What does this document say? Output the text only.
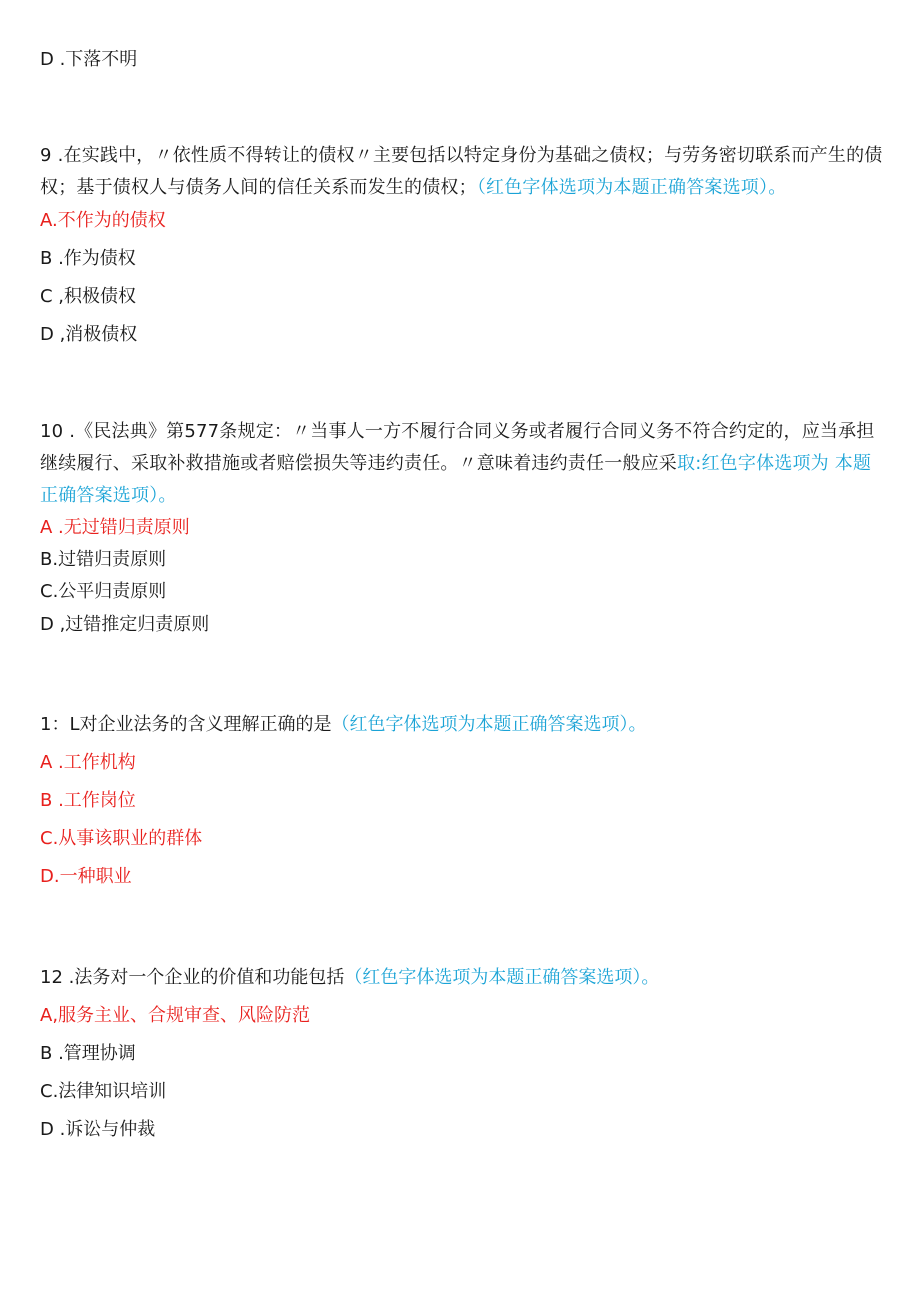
D .下落不明
9 .在实践中，〃依性质不得转让的债权〃主要包括以特定身份为基础之债权；与劳务密切联系而产生的债权；基于债权人与债务人间的信任关系而发生的债权；（红色字体选项为本题正确答案选项）。
A.不作为的债权
B .作为债权
C ,积极债权
D ,消极债权
10 .《民法典》第577条规定：〃当事人一方不履行合同义务或者履行合同义务不符合约定的，应当承担继续履行、采取补救措施或者赔偿损失等违约责任。〃意味着违约责任一般应采取:红色字体选项为 本题正确答案选项）。
A .无过错归责原则
B.过错归责原则
C.公平归责原则
D ,过错推定归责原则
1：L对企业法务的含义理解正确的是（红色字体选项为本题正确答案选项）。
A .工作机构
B .工作岗位
C.从事该职业的群体
D.一种职业
12 .法务对一个企业的价值和功能包括（红色字体选项为本题正确答案选项）。
A,服务主业、合规审查、风险防范
B .管理协调
C.法律知识培训
D .诉讼与仲裁
